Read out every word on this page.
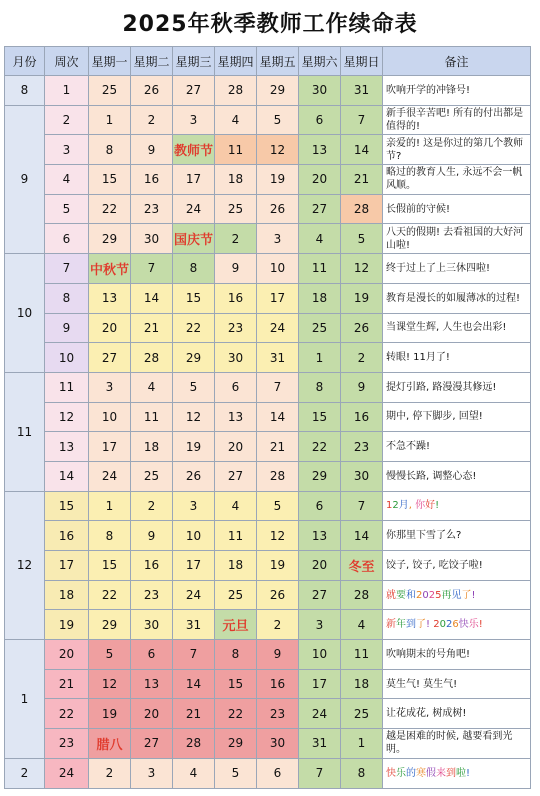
2025年秋季教师工作续命表
月份	周次	星期一	星期二	星期三	星期四	星期五	星期六	星期日	备注
8	1	25	26	27	28	29	30	31	吹响开学的冲锋号!
9	2	1	2	3	4	5	6	7	新手很辛苦吧! 所有的付出都是值得的!
	3	8	9	教师节	11	12	13	14	亲爱的! 这是你过的第几个教师节?
	4	15	16	17	18	19	20	21	略过的教育人生, 永远不会一帆风顺。
	5	22	23	24	25	26	27	28	长假前的守候!
	6	29	30	国庆节	2	3	4	5	八天的假期! 去看祖国的大好河山啦!
10	7	中秋节	7	8	9	10	11	12	终于过上了上三休四啦!
	8	13	14	15	16	17	18	19	教育是漫长的如履薄冰的过程!
	9	20	21	22	23	24	25	26	当课堂生辉, 人生也会出彩!
	10	27	28	29	30	31	1	2	转眼! 11月了!
11	11	3	4	5	6	7	8	9	提灯引路, 路漫漫其修远!
	12	10	11	12	13	14	15	16	期中, 停下脚步, 回望!
	13	17	18	19	20	21	22	23	不急不躁!
	14	24	25	26	27	28	29	30	慢慢长路, 调整心态!
12	15	1	2	3	4	5	6	7	12月, 你好!
	16	8	9	10	11	12	13	14	你那里下雪了么?
	17	15	16	17	18	19	20	冬至	饺子, 饺子, 吃饺子啦!
	18	22	23	24	25	26	27	28	就要和2025再见了!
	19	29	30	31	元旦	2	3	4	新年到了! 2026快乐!
1	20	5	6	7	8	9	10	11	吹响期末的号角吧!
	21	12	13	14	15	16	17	18	莫生气! 莫生气!
	22	19	20	21	22	23	24	25	让花成花, 树成树!
	23	腊八	27	28	29	30	31	1	越是困难的时候, 越要看到光明。
2	24	2	3	4	5	6	7	8	快乐的寒假来到啦!
